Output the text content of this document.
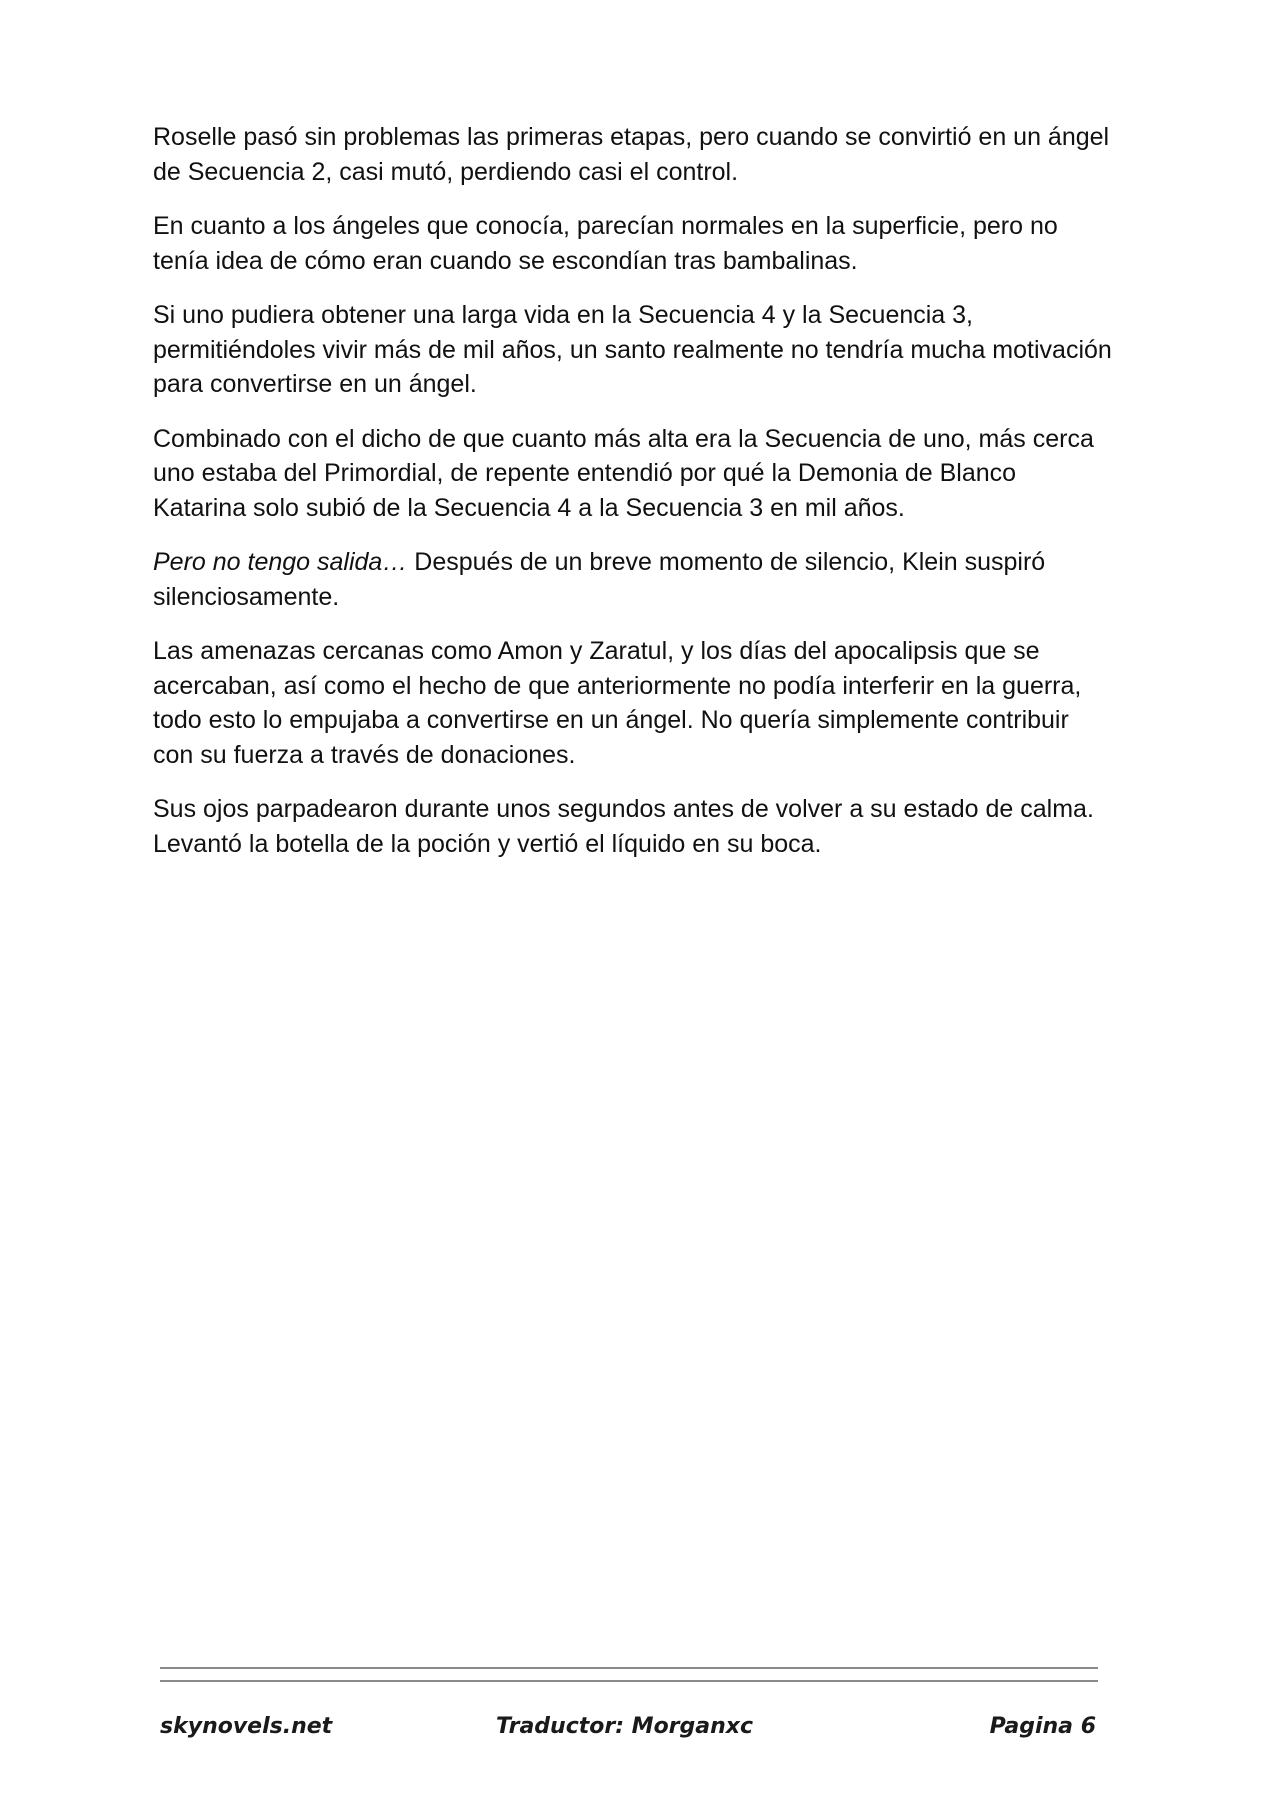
Roselle pasó sin problemas las primeras etapas, pero cuando se convirtió en un ángel de Secuencia 2, casi mutó, perdiendo casi el control.

En cuanto a los ángeles que conocía, parecían normales en la superficie, pero no tenía idea de cómo eran cuando se escondían tras bambalinas.

Si uno pudiera obtener una larga vida en la Secuencia 4 y la Secuencia 3, permitiéndoles vivir más de mil años, un santo realmente no tendría mucha motivación para convertirse en un ángel.

Combinado con el dicho de que cuanto más alta era la Secuencia de uno, más cerca uno estaba del Primordial, de repente entendió por qué la Demonia de Blanco Katarina solo subió de la Secuencia 4 a la Secuencia 3 en mil años.

Pero no tengo salida… Después de un breve momento de silencio, Klein suspiró silenciosamente.

Las amenazas cercanas como Amon y Zaratul, y los días del apocalipsis que se acercaban, así como el hecho de que anteriormente no podía interferir en la guerra, todo esto lo empujaba a convertirse en un ángel. No quería simplemente contribuir con su fuerza a través de donaciones.

Sus ojos parpadearon durante unos segundos antes de volver a su estado de calma. Levantó la botella de la poción y vertió el líquido en su boca.

skynovels.net	Traductor: Morganxc	Pagina 6
